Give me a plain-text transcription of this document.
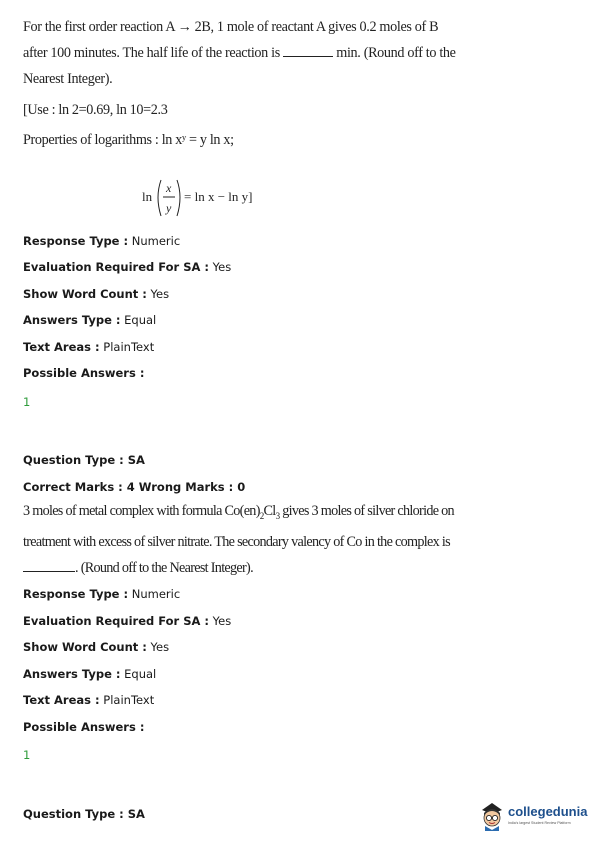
For the first order reaction A → 2B, 1 mole of reactant A gives 0.2 moles of B after 100 minutes. The half life of the reaction is	min. (Round off to the Nearest Integer).
[Use : ln 2=0.69, ln 10=2.3
Properties of logarithms : ln xʸ = y ln x;
ln
x
y
= ln x − ln y]
Response Type : Numeric
Evaluation Required For SA : Yes
Show Word Count : Yes
Answers Type : Equal
Text Areas : PlainText
Possible Answers :
1
Question Type : SA
Correct Marks : 4 Wrong Marks : 0
3 moles of metal complex with formula $Co(en)_2Cl_3$ gives 3 moles of silver chloride on treatment with excess of silver nitrate. The secondary valency of Co in the complex is . (Round off to the Nearest Integer).
Response Type : Numeric
Evaluation Required For SA : Yes
Show Word Count : Yes
Answers Type : Equal
Text Areas : PlainText
Possible Answers :
1
Question Type : SA	collegedunia
India's largest Student Review Platform
